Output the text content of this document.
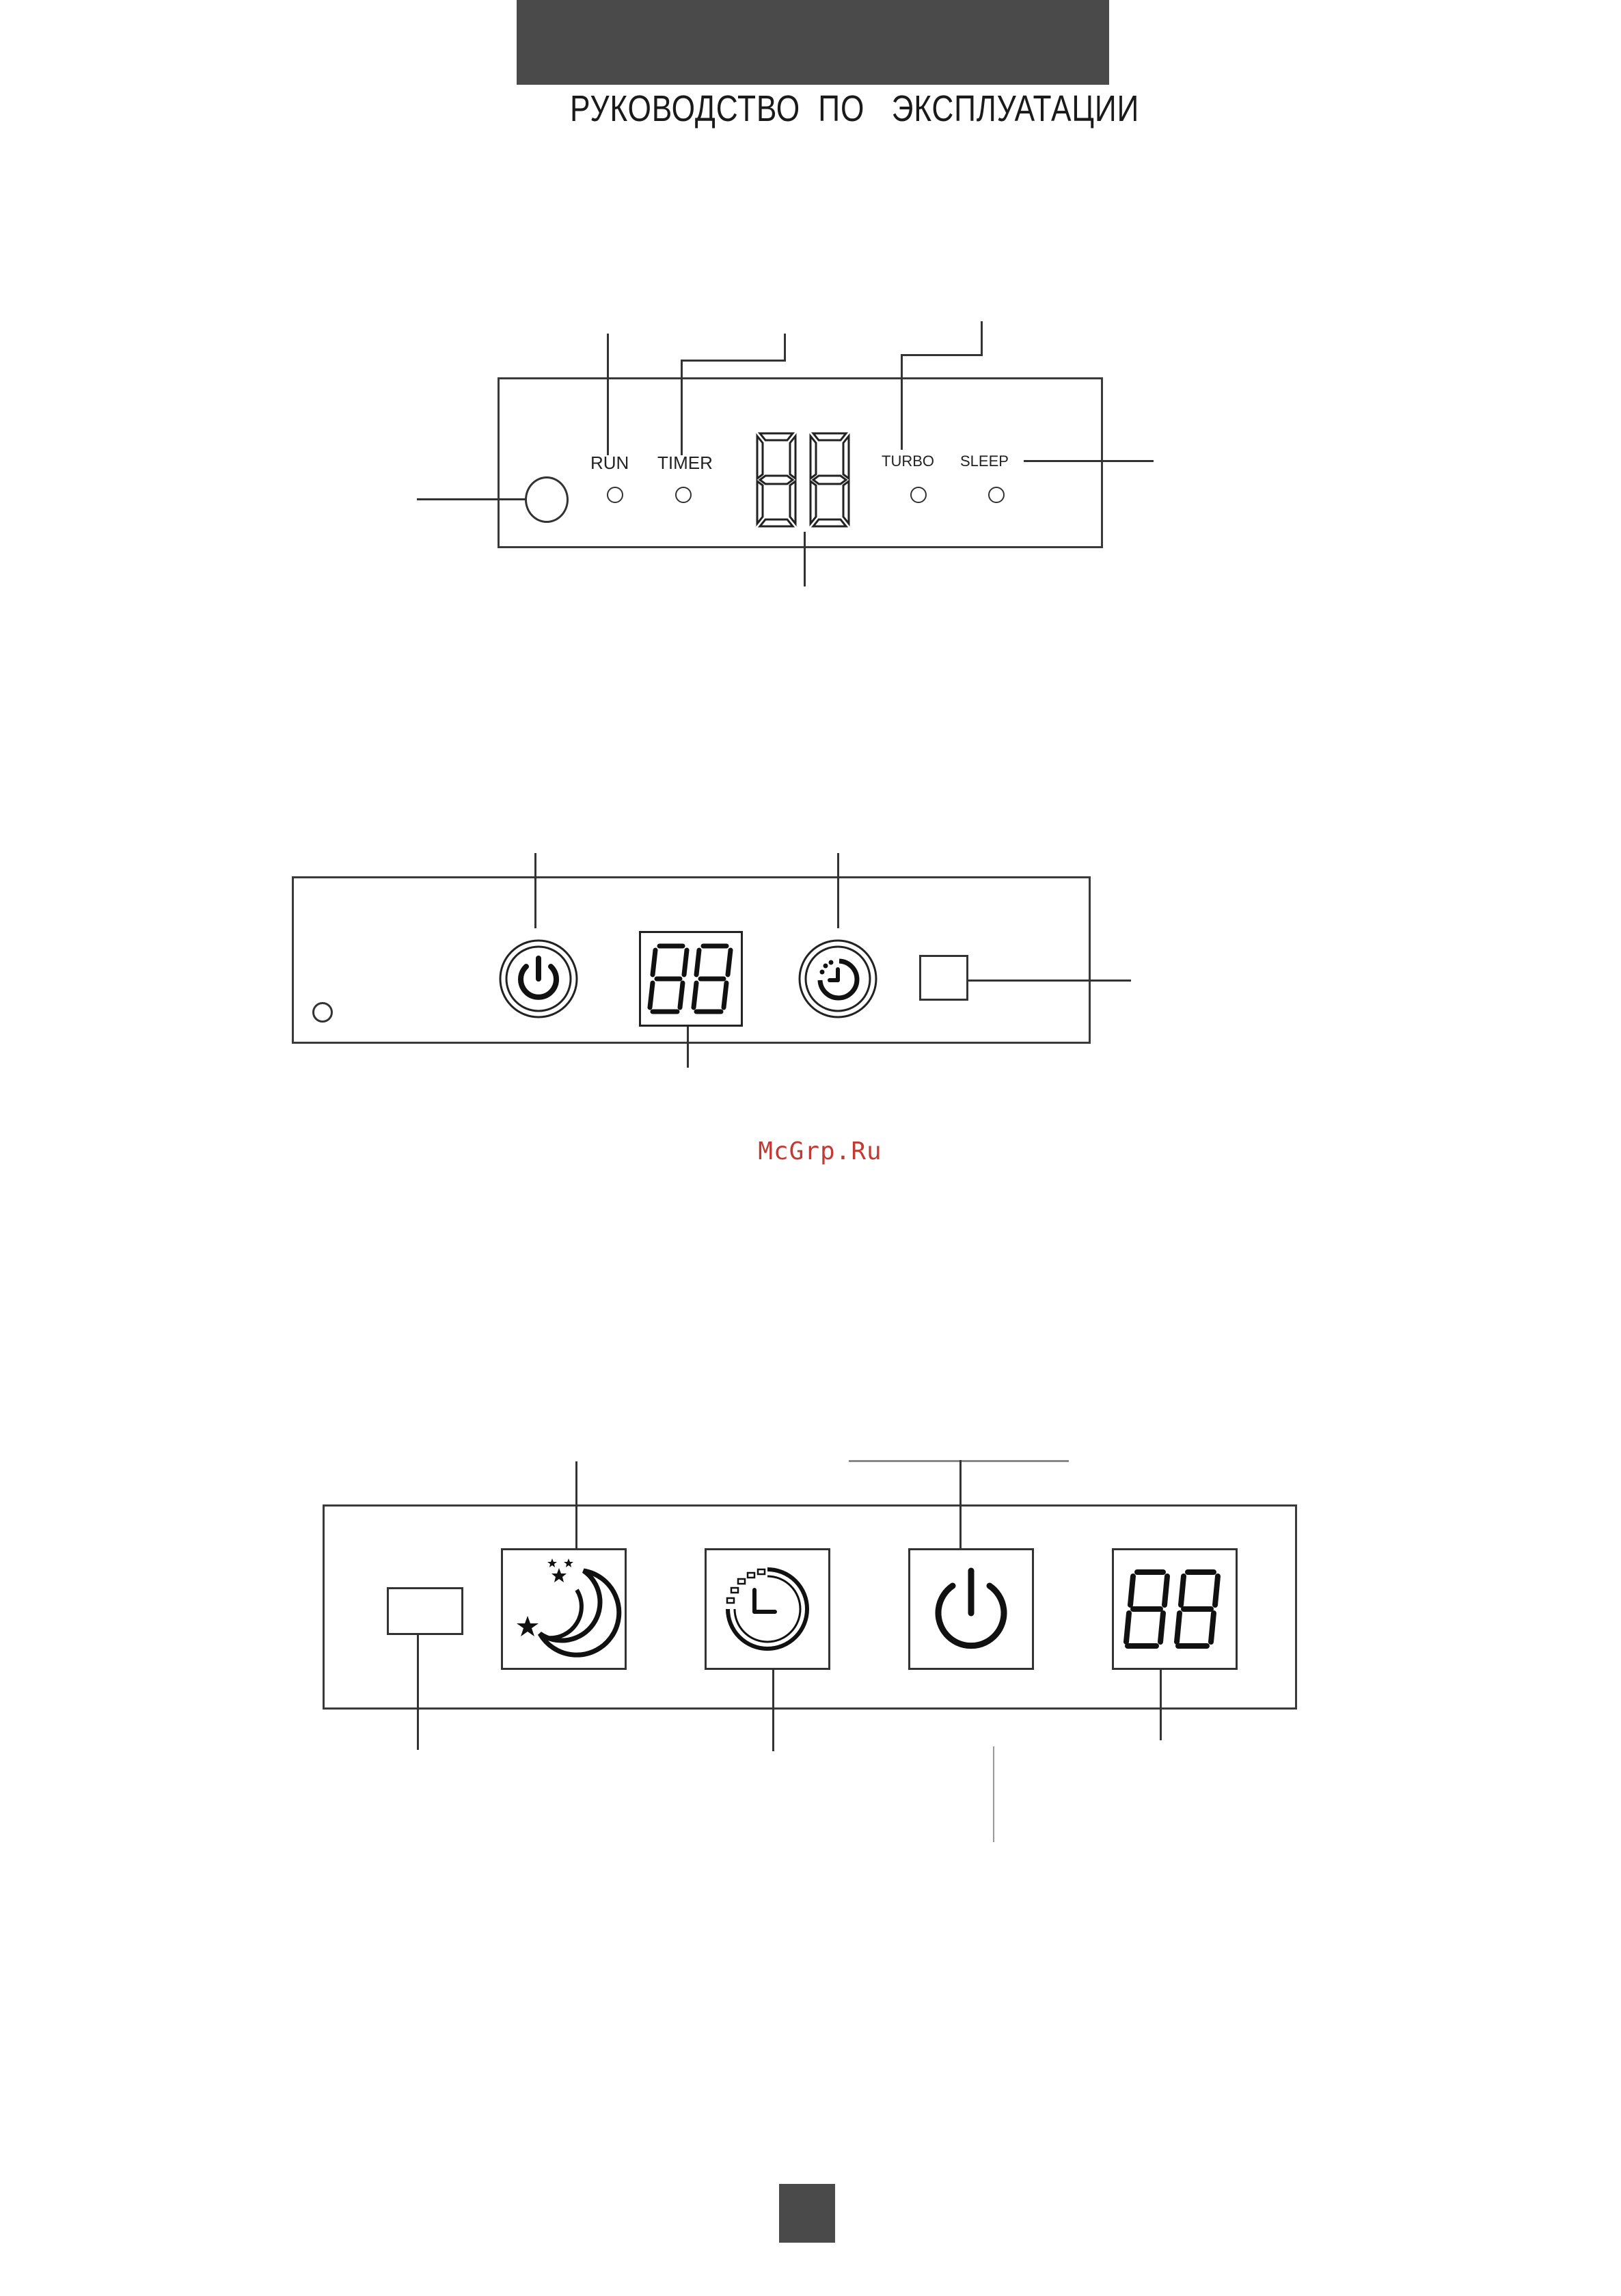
РУКОВОДСТВО  ПО   ЭКСПЛУАТАЦИИ
RUN TIMER	TURBO SLEEP
McGrp.Ru
